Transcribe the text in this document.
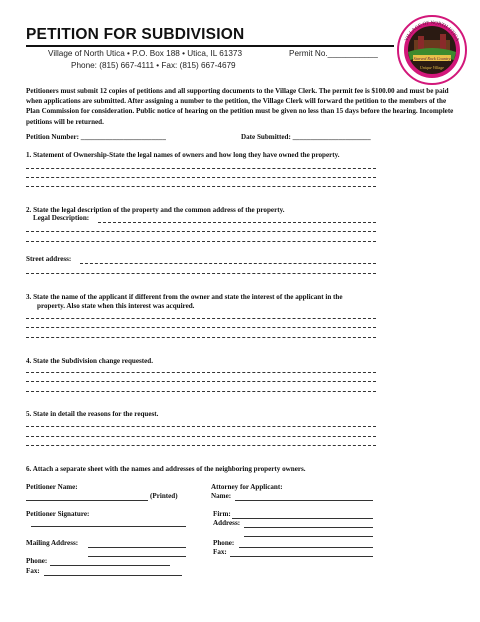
PETITION FOR SUBDIVISION
Village of North Utica • P.O. Box 188 • Utica, IL 61373	Permit No.___________
Phone: (815) 667-4111 • Fax: (815) 667-4679
Starved Rock Country
VILLAGE OF NORTH UTICA
Unique Village
Petitioners must submit 12 copies of petitions and all supporting documents to the Village Clerk. The permit fee is $100.00 and must be paid when applications are submitted. After assigning a number to the petition, the Village Clerk will forward the petition to the members of the Plan Commission for consideration. Public notice of hearing on the petition must be given no less than 15 days before the hearing. Incomplete petitions will be returned.
Petition Number: ________________________	Date Submitted: ______________________
1. Statement of Ownership-State the legal names of owners and how long they have owned the property.
2. State the legal description of the property and the common address of the property.
Legal Description:
Street address:
3. State the name of the applicant if different from the owner and state the interest of the applicant in the
property. Also state when this interest was acquired.
4. State the Subdivision change requested.
5. State in detail the reasons for the request.
6. Attach a separate sheet with the names and addresses of the neighboring property owners.
Petitioner Name:
(Printed)
Petitioner Signature:
Mailing Address:
Phone:
Fax:
Attorney for Applicant:
Name:
Firm:
Address:
Phone:
Fax:
